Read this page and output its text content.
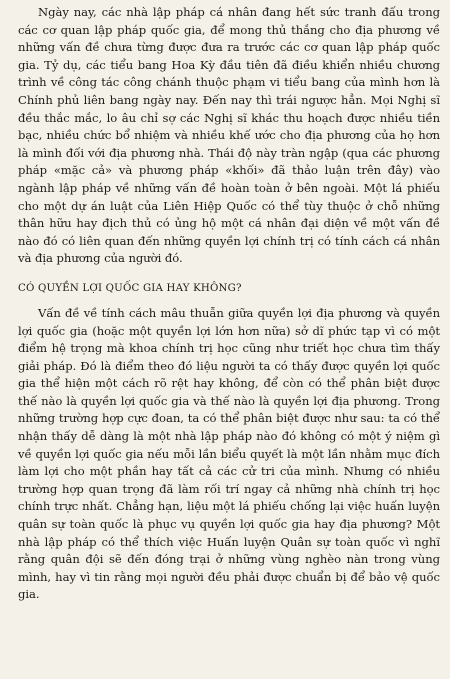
Ngày nay, các nhà lập pháp cá nhân đang hết sức tranh đấu trong các cơ quan lập pháp quốc gia, để mong thủ thắng cho địa phương về những vấn đề chưa từng được đưa ra trước các cơ quan lập pháp quốc gia. Tỷ dụ, các tiểu bang Hoa Kỳ đầu tiên đã điều khiển nhiều chương trình về công tác công chánh thuộc phạm vi tiểu bang của mình hơn là Chính phủ liên bang ngày nay. Đến nay thì trái ngược hẳn. Mọi Nghị sĩ đều thắc mắc, lo âu chỉ sợ các Nghị sĩ khác thu hoạch được nhiều tiền bạc, nhiều chức bổ nhiệm và nhiều khế ước cho địa phương của họ hơn là mình đối với địa phương nhà. Thái độ này tràn ngập (qua các phương pháp «mặc cả» và phương pháp «khối» đã thảo luận trên đây) vào ngành lập pháp về những vấn đề hoàn toàn ở bên ngoài. Một lá phiếu cho một dự án luật của Liên Hiệp Quốc có thể tùy thuộc ở chỗ những thân hữu hay địch thủ có ủng hộ một cá nhân đại diện về một vấn đề nào đó có liên quan đến những quyền lợi chính trị có tính cách cá nhân và địa phương của người đó.

CÓ QUYỀN LỢI QUỐC GIA HAY KHÔNG?

Vấn đề về tính cách mâu thuẫn giữa quyền lợi địa phương và quyền lợi quốc gia (hoặc một quyền lợi lớn hơn nữa) sở dĩ phức tạp vì có một điểm hệ trọng mà khoa chính trị học cũng như triết học chưa tìm thấy giải pháp. Đó là điểm theo đó liệu người ta có thấy được quyền lợi quốc gia thể hiện một cách rõ rệt hay không, để còn có thể phân biệt được thế nào là quyền lợi quốc gia và thế nào là quyền lợi địa phương. Trong những trường hợp cực đoan, ta có thể phân biệt được như sau: ta có thể nhận thấy dễ dàng là một nhà lập pháp nào đó không có một ý niệm gì về quyền lợi quốc gia nếu mỗi lần biểu quyết là một lần nhằm mục đích làm lợi cho một phần hay tất cả các cử tri của mình. Nhưng có nhiều trường hợp quan trọng đã làm rối trí ngay cả những nhà chính trị học chính trực nhất. Chẳng hạn, liệu một lá phiếu chống lại việc huấn luyện quân sự toàn quốc là phục vụ quyền lợi quốc gia hay địa phương? Một nhà lập pháp có thể thích việc Huấn luyện Quân sự toàn quốc vì nghĩ rằng quân đội sẽ đến đóng trại ở những vùng nghèo nàn trong vùng mình, hay vì tin rằng mọi người đều phải được chuẩn bị để bảo vệ quốc gia.
